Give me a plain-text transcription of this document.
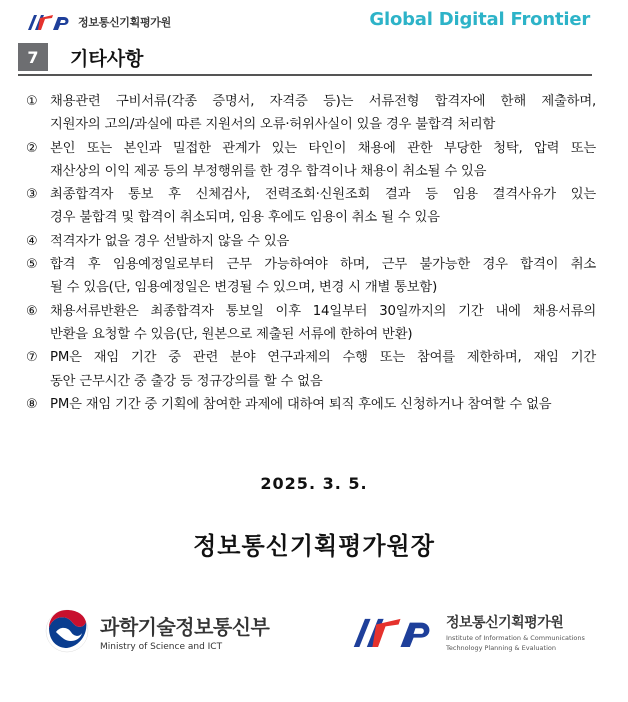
정보통신기획평가원	Global Digital Frontier
7	기타사항
① 채용관련 구비서류(각종 증명서, 자격증 등)는 서류전형 합격자에 한해 제출하며,
지원자의 고의/과실에 따른 지원서의 오류·허위사실이 있을 경우 불합격 처리함
② 본인 또는 본인과 밀접한 관계가 있는 타인이 채용에 관한 부당한 청탁, 압력 또는
재산상의 이익 제공 등의 부정행위를 한 경우 합격이나 채용이 취소될 수 있음
③ 최종합격자 통보 후 신체검사, 전력조회·신원조회 결과 등 임용 결격사유가 있는
경우 불합격 및 합격이 취소되며, 임용 후에도 임용이 취소 될 수 있음
④ 적격자가 없을 경우 선발하지 않을 수 있음
⑤ 합격 후 임용예정일로부터 근무 가능하여야 하며, 근무 불가능한 경우 합격이 취소
될 수 있음(단, 임용예정일은 변경될 수 있으며, 변경 시 개별 통보함)
⑥ 채용서류반환은 최종합격자 통보일 이후 14일부터 30일까지의 기간 내에 채용서류의
반환을 요청할 수 있음(단, 원본으로 제출된 서류에 한하여 반환)
⑦ PM은 재임 기간 중 관련 분야 연구과제의 수행 또는 참여를 제한하며, 재임 기간
동안 근무시간 중 출강 등 정규강의를 할 수 없음
⑧ PM은 재임 기간 중 기획에 참여한 과제에 대하여 퇴직 후에도 신청하거나 참여할 수 없음
2025. 3. 5.
정보통신기획평가원장
과학기술정보통신부
Ministry of Science and ICT
정보통신기획평가원
Institute of Information & Communications
Technology Planning & Evaluation
